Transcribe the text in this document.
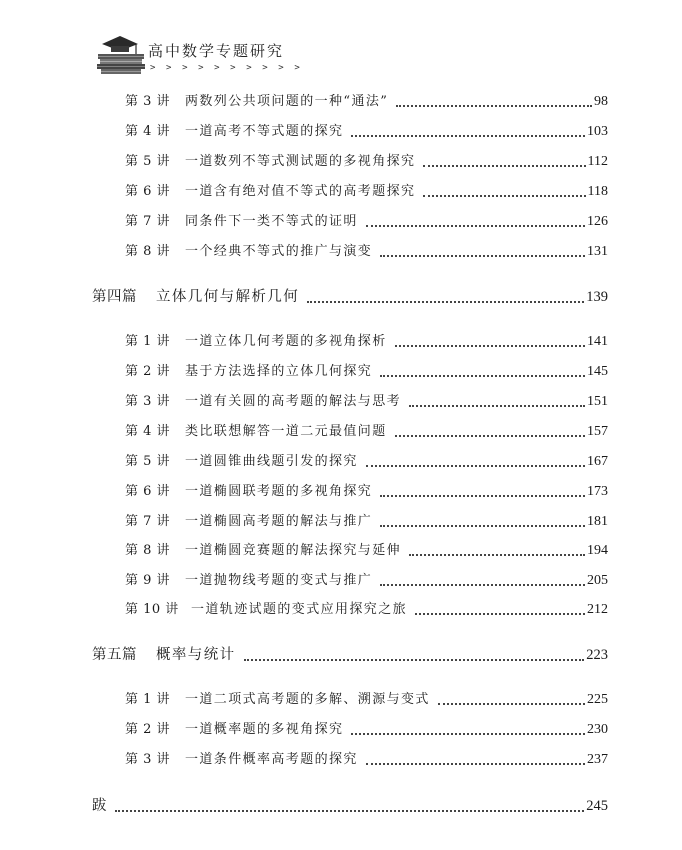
高中数学专题研究
> > > > > > > > > >
第 3 讲	两数列公共项问题的一种“通法”	98
第 4 讲	一道高考不等式题的探究	103
第 5 讲	一道数列不等式测试题的多视角探究	112
第 6 讲	一道含有绝对值不等式的高考题探究	118
第 7 讲	同条件下一类不等式的证明	126
第 8 讲	一个经典不等式的推广与演变	131
第四篇	立体几何与解析几何	139
第 1 讲	一道立体几何考题的多视角探析	141
第 2 讲	基于方法选择的立体几何探究	145
第 3 讲	一道有关圆的高考题的解法与思考	151
第 4 讲	类比联想解答一道二元最值问题	157
第 5 讲	一道圆锥曲线题引发的探究	167
第 6 讲	一道椭圆联考题的多视角探究	173
第 7 讲	一道椭圆高考题的解法与推广	181
第 8 讲	一道椭圆竞赛题的解法探究与延伸	194
第 9 讲	一道抛物线考题的变式与推广	205
第 10 讲 一道轨迹试题的变式应用探究之旅	212
第五篇	概率与统计	223
第 1 讲	一道二项式高考题的多解、溯源与变式	225
第 2 讲	一道概率题的多视角探究	230
第 3 讲	一道条件概率高考题的探究	237
跋	245
